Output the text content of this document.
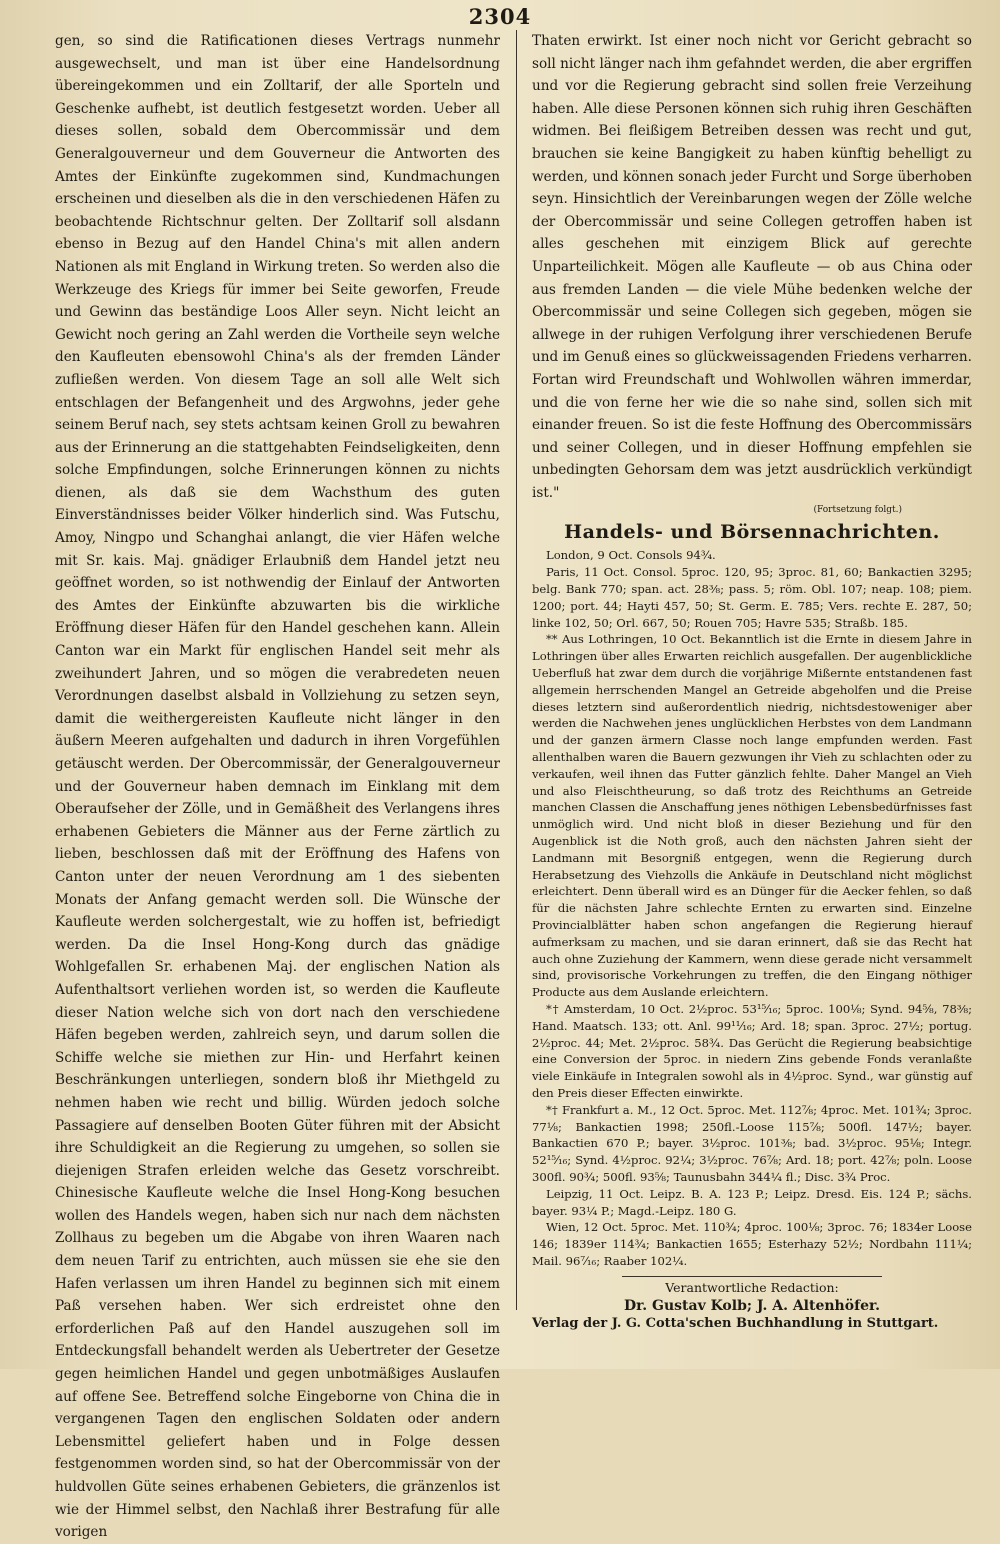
2304

gen, so sind die Ratificationen dieses Vertrags nunmehr ausgewechselt, und man ist über eine Handelsordnung übereingekommen und ein Zolltarif, der alle Sporteln und Geschenke aufhebt, ist deutlich festgesetzt worden. Ueber all dieses sollen, sobald dem Obercommissär und dem Generalgouverneur und dem Gouverneur die Antworten des Amtes der Einkünfte zugekommen sind, Kundmachungen erscheinen und dieselben als die in den verschiedenen Häfen zu beobachtende Richtschnur gelten. Der Zolltarif soll alsdann ebenso in Bezug auf den Handel China's mit allen andern Nationen als mit England in Wirkung treten. So werden also die Werkzeuge des Kriegs für immer bei Seite geworfen, Freude und Gewinn das beständige Loos Aller seyn. Nicht leicht an Gewicht noch gering an Zahl werden die Vortheile seyn welche den Kaufleuten ebensowohl China's als der fremden Länder zufließen werden. Von diesem Tage an soll alle Welt sich entschlagen der Befangenheit und des Argwohns, jeder gehe seinem Beruf nach, sey stets achtsam keinen Groll zu bewahren aus der Erinnerung an die stattgehabten Feindseligkeiten, denn solche Empfindungen, solche Erinnerungen können zu nichts dienen, als daß sie dem Wachsthum des guten Einverständnisses beider Völker hinderlich sind. Was Futschu, Amoy, Ningpo und Schanghai anlangt, die vier Häfen welche mit Sr. kais. Maj. gnädiger Erlaubniß dem Handel jetzt neu geöffnet worden, so ist nothwendig der Einlauf der Antworten des Amtes der Einkünfte abzuwarten bis die wirkliche Eröffnung dieser Häfen für den Handel geschehen kann. Allein Canton war ein Markt für englischen Handel seit mehr als zweihundert Jahren, und so mögen die verabredeten neuen Verordnungen daselbst alsbald in Vollziehung zu setzen seyn, damit die weithergereisten Kaufleute nicht länger in den äußern Meeren aufgehalten und dadurch in ihren Vorgefühlen getäuscht werden. Der Obercommissär, der Generalgouverneur und der Gouverneur haben demnach im Einklang mit dem Oberaufseher der Zölle, und in Gemäßheit des Verlangens ihres erhabenen Gebieters die Männer aus der Ferne zärtlich zu lieben, beschlossen daß mit der Eröffnung des Hafens von Canton unter der neuen Verordnung am 1 des siebenten Monats der Anfang gemacht werden soll. Die Wünsche der Kaufleute werden solchergestalt, wie zu hoffen ist, befriedigt werden. Da die Insel Hong-Kong durch das gnädige Wohlgefallen Sr. erhabenen Maj. der englischen Nation als Aufenthaltsort verliehen worden ist, so werden die Kaufleute dieser Nation welche sich von dort nach den verschiedene Häfen begeben werden, zahlreich seyn, und darum sollen die Schiffe welche sie miethen zur Hin- und Herfahrt keinen Beschränkungen unterliegen, sondern bloß ihr Miethgeld zu nehmen haben wie recht und billig. Würden jedoch solche Passagiere auf denselben Booten Güter führen mit der Absicht ihre Schuldigkeit an die Regierung zu umgehen, so sollen sie diejenigen Strafen erleiden welche das Gesetz vorschreibt. Chinesische Kaufleute welche die Insel Hong-Kong besuchen wollen des Handels wegen, haben sich nur nach dem nächsten Zollhaus zu begeben um die Abgabe von ihren Waaren nach dem neuen Tarif zu entrichten, auch müssen sie ehe sie den Hafen verlassen um ihren Handel zu beginnen sich mit einem Paß versehen haben. Wer sich erdreistet ohne den erforderlichen Paß auf den Handel auszugehen soll im Entdeckungsfall behandelt werden als Uebertreter der Gesetze gegen heimlichen Handel und gegen unbotmäßiges Auslaufen auf offene See. Betreffend solche Eingeborne von China die in vergangenen Tagen den englischen Soldaten oder andern Lebensmittel geliefert haben und in Folge dessen festgenommen worden sind, so hat der Obercommissär von der huldvollen Güte seines erhabenen Gebieters, die gränzenlos ist wie der Himmel selbst, den Nachlaß ihrer Bestrafung für alle vorigen

Thaten erwirkt. Ist einer noch nicht vor Gericht gebracht so soll nicht länger nach ihm gefahndet werden, die aber ergriffen und vor die Regierung gebracht sind sollen freie Verzeihung haben. Alle diese Personen können sich ruhig ihren Geschäften widmen. Bei fleißigem Betreiben dessen was recht und gut, brauchen sie keine Bangigkeit zu haben künftig behelligt zu werden, und können sonach jeder Furcht und Sorge überhoben seyn. Hinsichtlich der Vereinbarungen wegen der Zölle welche der Obercommissär und seine Collegen getroffen haben ist alles geschehen mit einzigem Blick auf gerechte Unparteilichkeit. Mögen alle Kaufleute — ob aus China oder aus fremden Landen — die viele Mühe bedenken welche der Obercommissär und seine Collegen sich gegeben, mögen sie allwege in der ruhigen Verfolgung ihrer verschiedenen Berufe und im Genuß eines so glückweissagenden Friedens verharren. Fortan wird Freundschaft und Wohlwollen währen immerdar, und die von ferne her wie die so nahe sind, sollen sich mit einander freuen. So ist die feste Hoffnung des Obercommissärs und seiner Collegen, und in dieser Hoffnung empfehlen sie unbedingten Gehorsam dem was jetzt ausdrücklich verkündigt ist."

(Fortsetzung folgt.)

Handels- und Börsennachrichten.

London, 9 Oct. Consols 94¾.

Paris, 11 Oct. Consol. 5proc. 120, 95; 3proc. 81, 60; Bankactien 3295; belg. Bank 770; span. act. 28⅜; pass. 5; röm. Obl. 107; neap. 108; piem. 1200; port. 44; Hayti 457, 50; St. Germ. E. 785; Vers. rechte E. 287, 50; linke 102, 50; Orl. 667, 50; Rouen 705; Havre 535; Straßb. 185.

** Aus Lothringen, 10 Oct. Bekanntlich ist die Ernte in diesem Jahre in Lothringen über alles Erwarten reichlich ausgefallen. Der augenblickliche Ueberfluß hat zwar dem durch die vorjährige Mißernte entstandenen fast allgemein herrschenden Mangel an Getreide abgeholfen und die Preise dieses letztern sind außerordentlich niedrig, nichtsdestoweniger aber werden die Nachwehen jenes unglücklichen Herbstes von dem Landmann und der ganzen ärmern Classe noch lange empfunden werden. Fast allenthalben waren die Bauern gezwungen ihr Vieh zu schlachten oder zu verkaufen, weil ihnen das Futter gänzlich fehlte. Daher Mangel an Vieh und also Fleischtheurung, so daß trotz des Reichthums an Getreide manchen Classen die Anschaffung jenes nöthigen Lebensbedürfnisses fast unmöglich wird. Und nicht bloß in dieser Beziehung und für den Augenblick ist die Noth groß, auch den nächsten Jahren sieht der Landmann mit Besorgniß entgegen, wenn die Regierung durch Herabsetzung des Viehzolls die Ankäufe in Deutschland nicht möglichst erleichtert. Denn überall wird es an Dünger für die Aecker fehlen, so daß für die nächsten Jahre schlechte Ernten zu erwarten sind. Einzelne Provincialblätter haben schon angefangen die Regierung hierauf aufmerksam zu machen, und sie daran erinnert, daß sie das Recht hat auch ohne Zuziehung der Kammern, wenn diese gerade nicht versammelt sind, provisorische Vorkehrungen zu treffen, die den Eingang nöthiger Producte aus dem Auslande erleichtern.

*† Amsterdam, 10 Oct. 2½proc. 53¹⁵⁄₁₆; 5proc. 100⅛; Synd. 94⅝, 78⅜; Hand. Maatsch. 133; ott. Anl. 99¹¹⁄₁₆; Ard. 18; span. 3proc. 27½; portug. 2½proc. 44; Met. 2½proc. 58¾. Das Gerücht die Regierung beabsichtige eine Conversion der 5proc. in niedern Zins gebende Fonds veranlaßte viele Einkäufe in Integralen sowohl als in 4½proc. Synd., war günstig auf den Preis dieser Effecten einwirkte.

*† Frankfurt a. M., 12 Oct. 5proc. Met. 112⅞; 4proc. Met. 101¾; 3proc. 77⅛; Bankactien 1998; 250fl.-Loose 115⅞; 500fl. 147½; bayer. Bankactien 670 P.; bayer. 3½proc. 101⅜; bad. 3½proc. 95⅛; Integr. 52¹⁵⁄₁₆; Synd. 4½proc. 92¼; 3½proc. 76⅞; Ard. 18; port. 42⅞; poln. Loose 300fl. 90¾; 500fl. 93⅝; Taunusbahn 344¼ fl.; Disc. 3¾ Proc.

Leipzig, 11 Oct. Leipz. B. A. 123 P.; Leipz. Dresd. Eis. 124 P.; sächs. bayer. 93¼ P.; Magd.-Leipz. 180 G.

Wien, 12 Oct. 5proc. Met. 110¾; 4proc. 100⅛; 3proc. 76; 1834er Loose 146; 1839er 114¾; Bankactien 1655; Esterhazy 52½; Nordbahn 111¼; Mail. 96⁷⁄₁₆; Raaber 102¼.

Verantwortliche Redaction:
Dr. Gustav Kolb; J. A. Altenhöfer.
Verlag der J. G. Cotta'schen Buchhandlung in Stuttgart.
